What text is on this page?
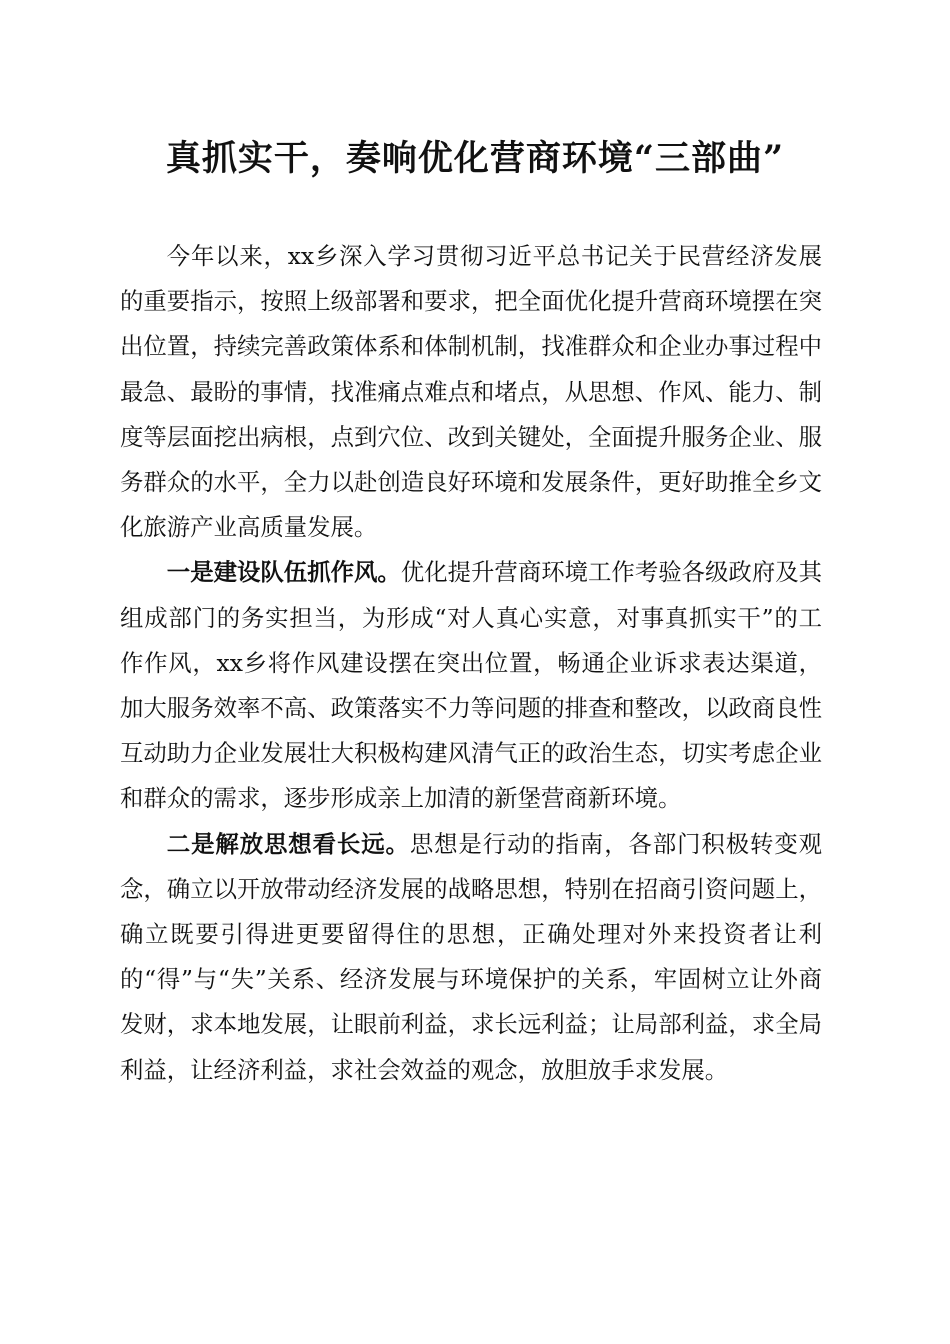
真抓实干，奏响优化营商环境“三部曲”

今年以来，xx乡深入学习贯彻习近平总书记关于民营经济发展的重要指示，按照上级部署和要求，把全面优化提升营商环境摆在突出位置，持续完善政策体系和体制机制，找准群众和企业办事过程中最急、最盼的事情，找准痛点难点和堵点，从思想、作风、能力、制度等层面挖出病根，点到穴位、改到关键处，全面提升服务企业、服务群众的水平，全力以赴创造良好环境和发展条件，更好助推全乡文化旅游产业高质量发展。

一是建设队伍抓作风。优化提升营商环境工作考验各级政府及其组成部门的务实担当，为形成“对人真心实意，对事真抓实干”的工作作风，xx乡将作风建设摆在突出位置，畅通企业诉求表达渠道，加大服务效率不高、政策落实不力等问题的排查和整改，以政商良性互动助力企业发展壮大积极构建风清气正的政治生态，切实考虑企业和群众的需求，逐步形成亲上加清的新堡营商新环境。

二是解放思想看长远。思想是行动的指南，各部门积极转变观念，确立以开放带动经济发展的战略思想，特别在招商引资问题上，确立既要引得进更要留得住的思想，正确处理对外来投资者让利的“得”与“失”关系、经济发展与环境保护的关系，牢固树立让外商发财，求本地发展，让眼前利益，求长远利益；让局部利益，求全局利益，让经济利益，求社会效益的观念，放胆放手求发展。
